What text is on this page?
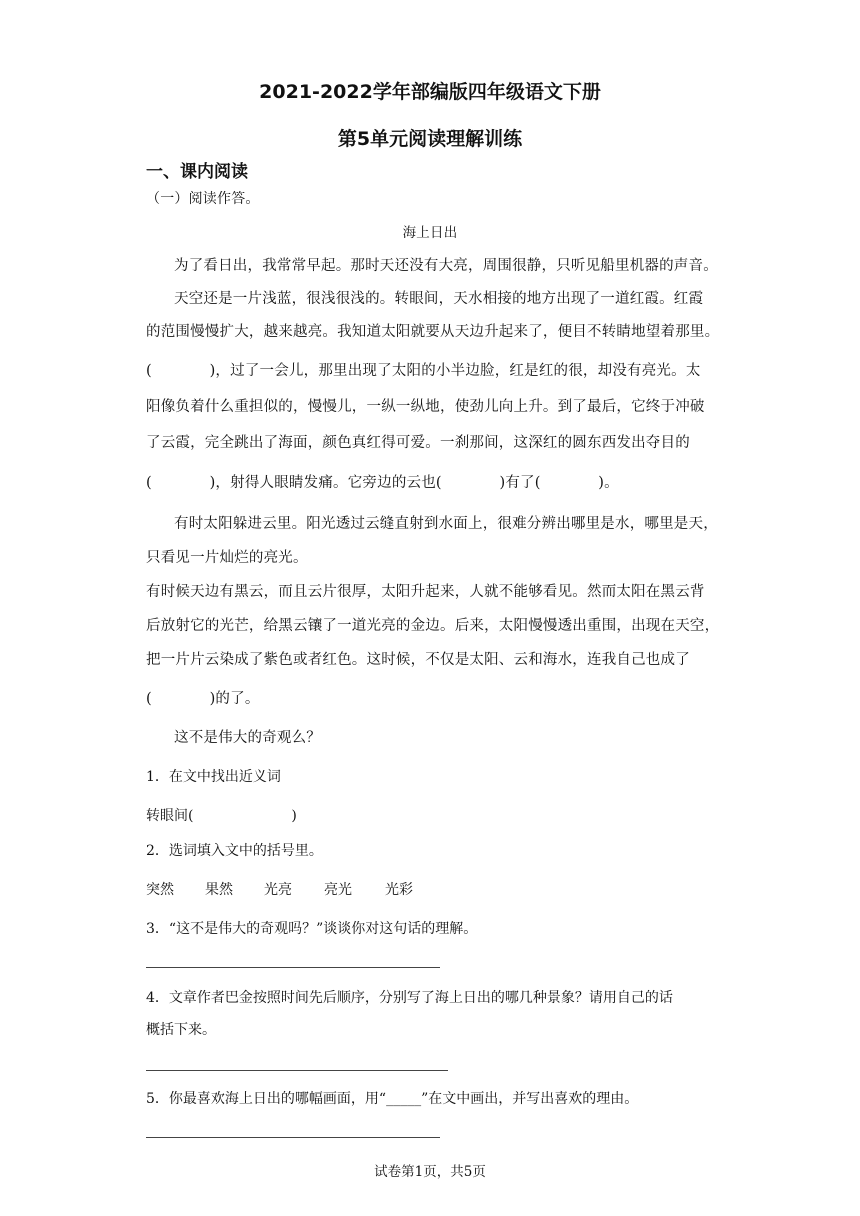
2021-2022学年部编版四年级语文下册
第5单元阅读理解训练
一、课内阅读
（一）阅读作答。
海上日出
为了看日出，我常常早起。那时天还没有大亮，周围很静，只听见船里机器的声音。
天空还是一片浅蓝，很浅很浅的。转眼间，天水相接的地方出现了一道红霞。红霞
的范围慢慢扩大，越来越亮。我知道太阳就要从天边升起来了，便目不转睛地望着那里。
(            )，过了一会儿，那里出现了太阳的小半边脸，红是红的很，却没有亮光。太
阳像负着什么重担似的，慢慢儿，一纵一纵地，使劲儿向上升。到了最后，它终于冲破
了云霞，完全跳出了海面，颜色真红得可爱。一刹那间，这深红的圆东西发出夺目的
(            )，射得人眼睛发痛。它旁边的云也(            )有了(            )。
有时太阳躲进云里。阳光透过云缝直射到水面上，很难分辨出哪里是水，哪里是天，
只看见一片灿烂的亮光。
有时候天边有黑云，而且云片很厚，太阳升起来，人就不能够看见。然而太阳在黑云背
后放射它的光芒，给黑云镶了一道光亮的金边。后来，太阳慢慢透出重围，出现在天空，
把一片片云染成了紫色或者红色。这时候，不仅是太阳、云和海水，连我自己也成了
(            )的了。
这不是伟大的奇观么？
1．在文中找出近义词
转眼间(                      )
2．选词填入文中的括号里。
突然 果然 光亮 亮光 光彩
3．“这不是伟大的奇观吗？”谈谈你对这句话的理解。
4．文章作者巴金按照时间先后顺序，分别写了海上日出的哪几种景象？请用自己的话
概括下来。
5．你最喜欢海上日出的哪幅画面，用“_____”在文中画出，并写出喜欢的理由。
试卷第1页，共5页
